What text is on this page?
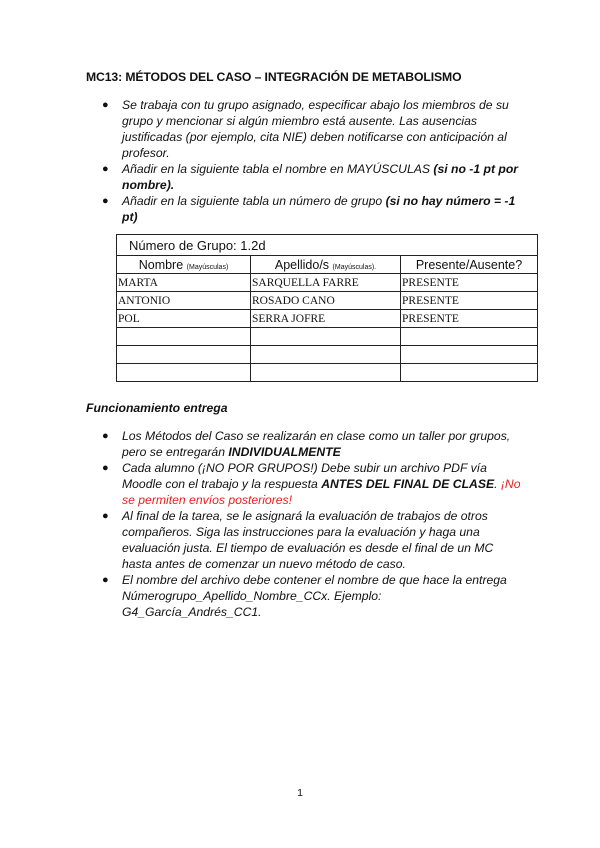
MC13: MÉTODOS DEL CASO – INTEGRACIÓN DE METABOLISMO
● Se trabaja con tu grupo asignado, especificar abajo los miembros de su grupo y mencionar si algún miembro está ausente. Las ausencias justificadas (por ejemplo, cita NIE) deben notificarse con anticipación al profesor.
● Añadir en la siguiente tabla el nombre en MAYÚSCULAS (si no -1 pt por nombre).
● Añadir en la siguiente tabla un número de grupo (si no hay número = -1 pt)
Número de Grupo: 1.2d		
Nombre (Mayúsculas)	Apellido/s (Mayúsculas).	Presente/Ausente?
MARTA	SARQUELLA FARRE	PRESENTE
ANTONIO	ROSADO CANO	PRESENTE
POL	SERRA JOFRE	PRESENTE

Funcionamiento entrega
● Los Métodos del Caso se realizarán en clase como un taller por grupos, pero se entregarán INDIVIDUALMENTE
● Cada alumno (¡NO POR GRUPOS!) Debe subir un archivo PDF vía Moodle con el trabajo y la respuesta ANTES DEL FINAL DE CLASE. ¡No se permiten envíos posteriores!
● Al final de la tarea, se le asignará la evaluación de trabajos de otros compañeros. Siga las instrucciones para la evaluación y haga una evaluación justa. El tiempo de evaluación es desde el final de un MC hasta antes de comenzar un nuevo método de caso.
● El nombre del archivo debe contener el nombre de que hace la entrega Númerogrupo_Apellido_Nombre_CCx. Ejemplo: G4_García_Andrés_CC1.
1
